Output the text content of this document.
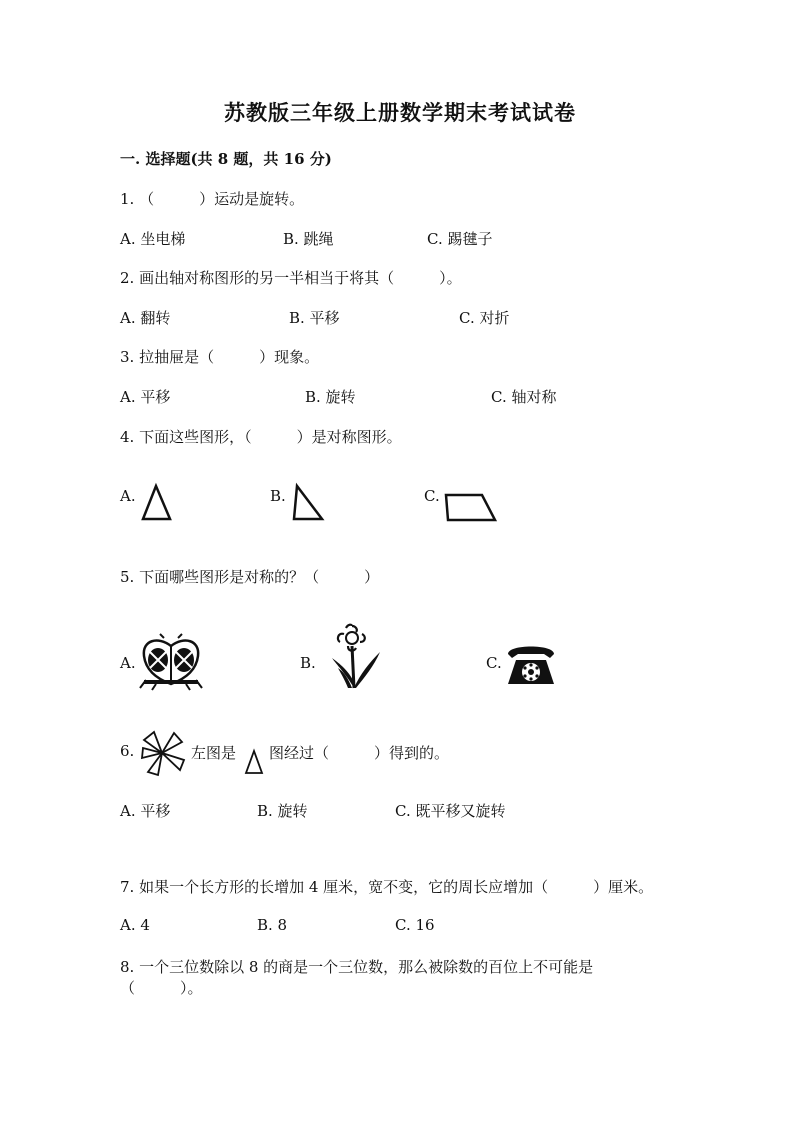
苏教版三年级上册数学期末考试试卷
一. 选择题(共 8 题，共 16 分)
1. （　　　）运动是旋转。
A. 坐电梯	B. 跳绳	C. 踢毽子
2. 画出轴对称图形的另一半相当于将其（　　　）。
A. 翻转	B. 平移	C. 对折
3. 拉抽屉是（　　　）现象。
A. 平移	B. 旋转	C. 轴对称
4. 下面这些图形，（　　　）是对称图形。
A.	B.	C.
5. 下面哪些图形是对称的？（　　　）
A.	B.	C.
6.	左图是 图经过（　　　）得到的。
A. 平移	B. 旋转	C. 既平移又旋转
7. 如果一个长方形的长增加 4 厘米，宽不变，它的周长应增加（　　　）厘米。
A. 4	B. 8	C. 16
8. 一个三位数除以 8 的商是一个三位数，那么被除数的百位上不可能是
（　　　）。
